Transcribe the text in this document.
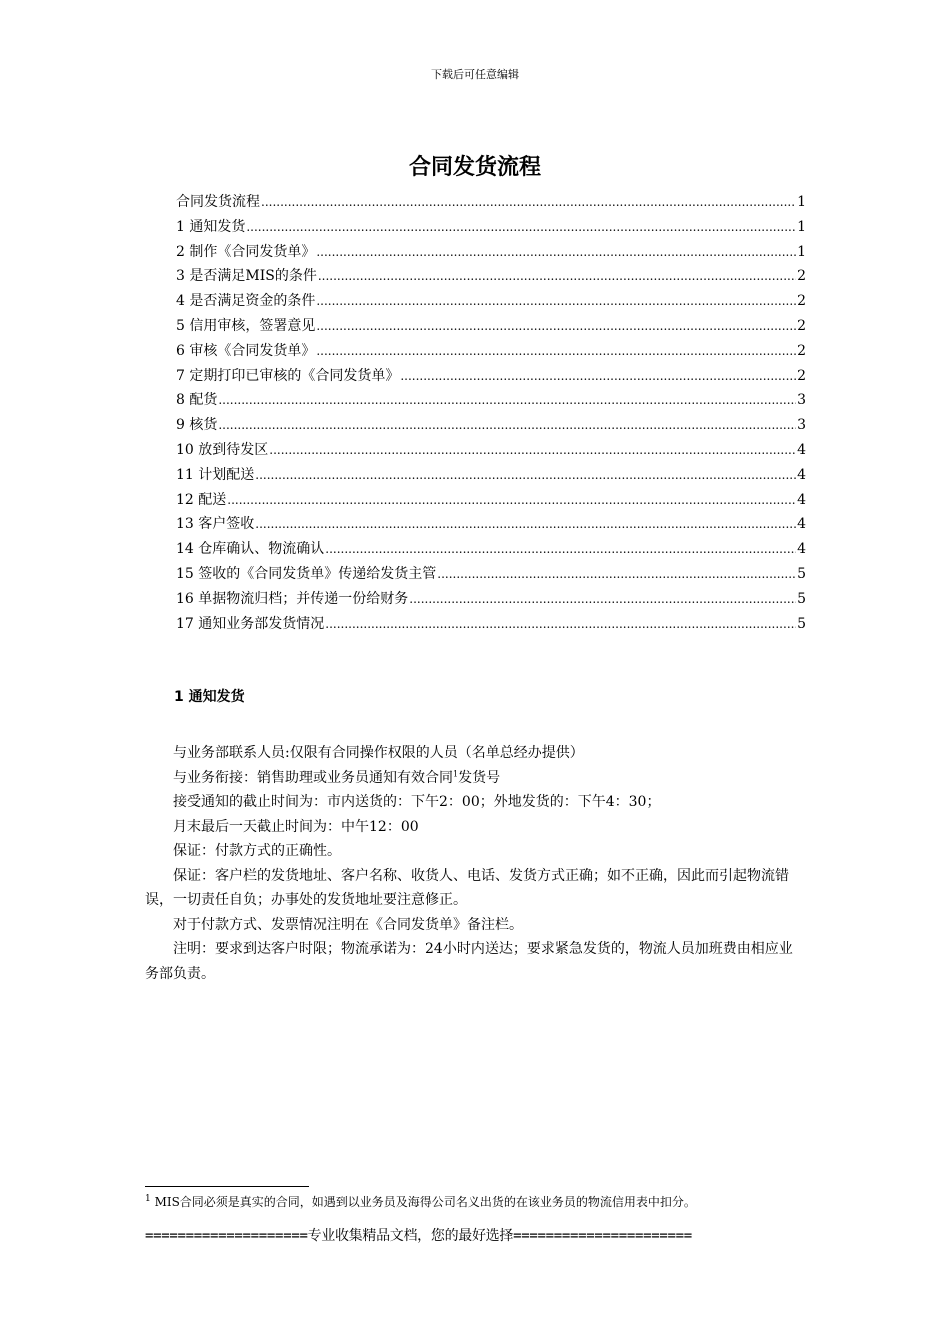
下载后可任意编辑
合同发货流程
合同发货流程 .....	1
1 通知发货 .....	1
2 制作《合同发货单》 .....	1
3 是否满足MIS的条件 .....	2
4 是否满足资金的条件 .....	2
5 信用审核，签署意见 .....	2
6 审核《合同发货单》 .....	2
7 定期打印已审核的《合同发货单》 .....	2
8 配货 .....	3
9 核货 .....	3
10 放到待发区 .....	4
11 计划配送 .....	4
12 配送 .....	4
13 客户签收 .....	4
14 仓库确认、物流确认 .....	4
15 签收的《合同发货单》传递给发货主管 .....	5
16 单据物流归档；并传递一份给财务 .....	5
17 通知业务部发货情况 .....	5
1 通知发货

与业务部联系人员:仅限有合同操作权限的人员（名单总经办提供）

与业务衔接：销售助理或业务员通知有效合同$^1$发货号

接受通知的截止时间为：市内送货的：下午2：00；外地发货的：下午4：30；

月末最后一天截止时间为：中午12：00

保证：付款方式的正确性。

保证：客户栏的发货地址、客户名称、收货人、电话、发货方式正确；如不正确，因此而引起物流错误，一切责任自负；办事处的发货地址要注意修正。

对于付款方式、发票情况注明在《合同发货单》备注栏。

注明：要求到达客户时限；物流承诺为：24小时内送达；要求紧急发货的，物流人员加班费由相应业务部负责。

$^1$ MIS合同必须是真实的合同，如遇到以业务员及海得公司名义出货的在该业务员的物流信用表中扣分。
====================专业收集精品文档，您的最好选择======================
